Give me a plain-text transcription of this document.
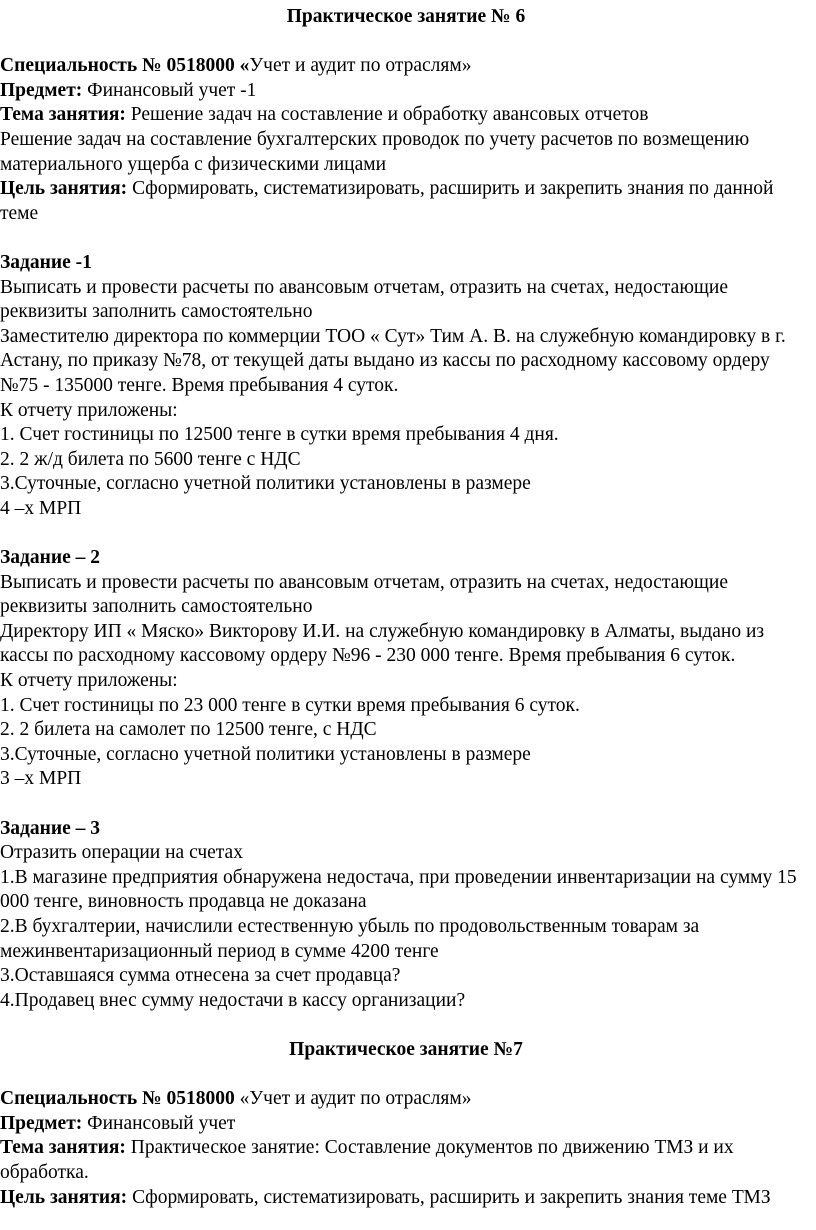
Практическое занятие № 6

Специальность № 0518000 «Учет и аудит по отраслям»

Предмет: Финансовый учет -1

Тема занятия: Решение задач на составление и обработку авансовых отчетов

Решение задач на составление бухгалтерских проводок по учету расчетов по возмещению материального ущерба с физическими лицами

Цель занятия: Сформировать, систематизировать, расширить и закрепить знания по данной теме

Задание -1

Выписать и провести расчеты по авансовым отчетам, отразить на счетах, недостающие реквизиты заполнить самостоятельно

Заместителю директора по коммерции ТОО « Сут» Тим А. В. на служебную командировку в г. Астану, по приказу №78, от текущей даты выдано из кассы по расходному кассовому ордеру №75 - 135000 тенге. Время пребывания 4 суток.

К отчету приложены:

1. Счет гостиницы по 12500 тенге в сутки время пребывания 4 дня.

2. 2 ж/д билета по 5600 тенге с НДС

3.Суточные, согласно учетной политики установлены в размере

4 –х МРП

Задание – 2

Выписать и провести расчеты по авансовым отчетам, отразить на счетах, недостающие реквизиты заполнить самостоятельно

Директору ИП « Мяско» Викторову И.И. на служебную командировку в Алматы, выдано из кассы по расходному кассовому ордеру №96 - 230 000 тенге. Время пребывания 6 суток.

К отчету приложены:

1. Счет гостиницы по 23 000 тенге в сутки время пребывания 6 суток.

2. 2 билета на самолет по 12500 тенге, с НДС

3.Суточные, согласно учетной политики установлены в размере

3 –х МРП

Задание – 3

Отразить операции на счетах

1.В магазине предприятия обнаружена недостача, при проведении инвентаризации на сумму 15 000 тенге, виновность продавца не доказана

2.В бухгалтерии, начислили естественную убыль по продовольственным товарам за межинвентаризационный период в сумме 4200 тенге

3.Оставшаяся сумма отнесена за счет продавца?

4.Продавец внес сумму недостачи в кассу организации?

Практическое занятие №7

Специальность № 0518000 «Учет и аудит по отраслям»

Предмет: Финансовый учет

Тема занятия: Практическое занятие: Составление документов по движению ТМЗ и их обработка.

Цель занятия: Сформировать, систематизировать, расширить и закрепить знания теме ТМЗ
